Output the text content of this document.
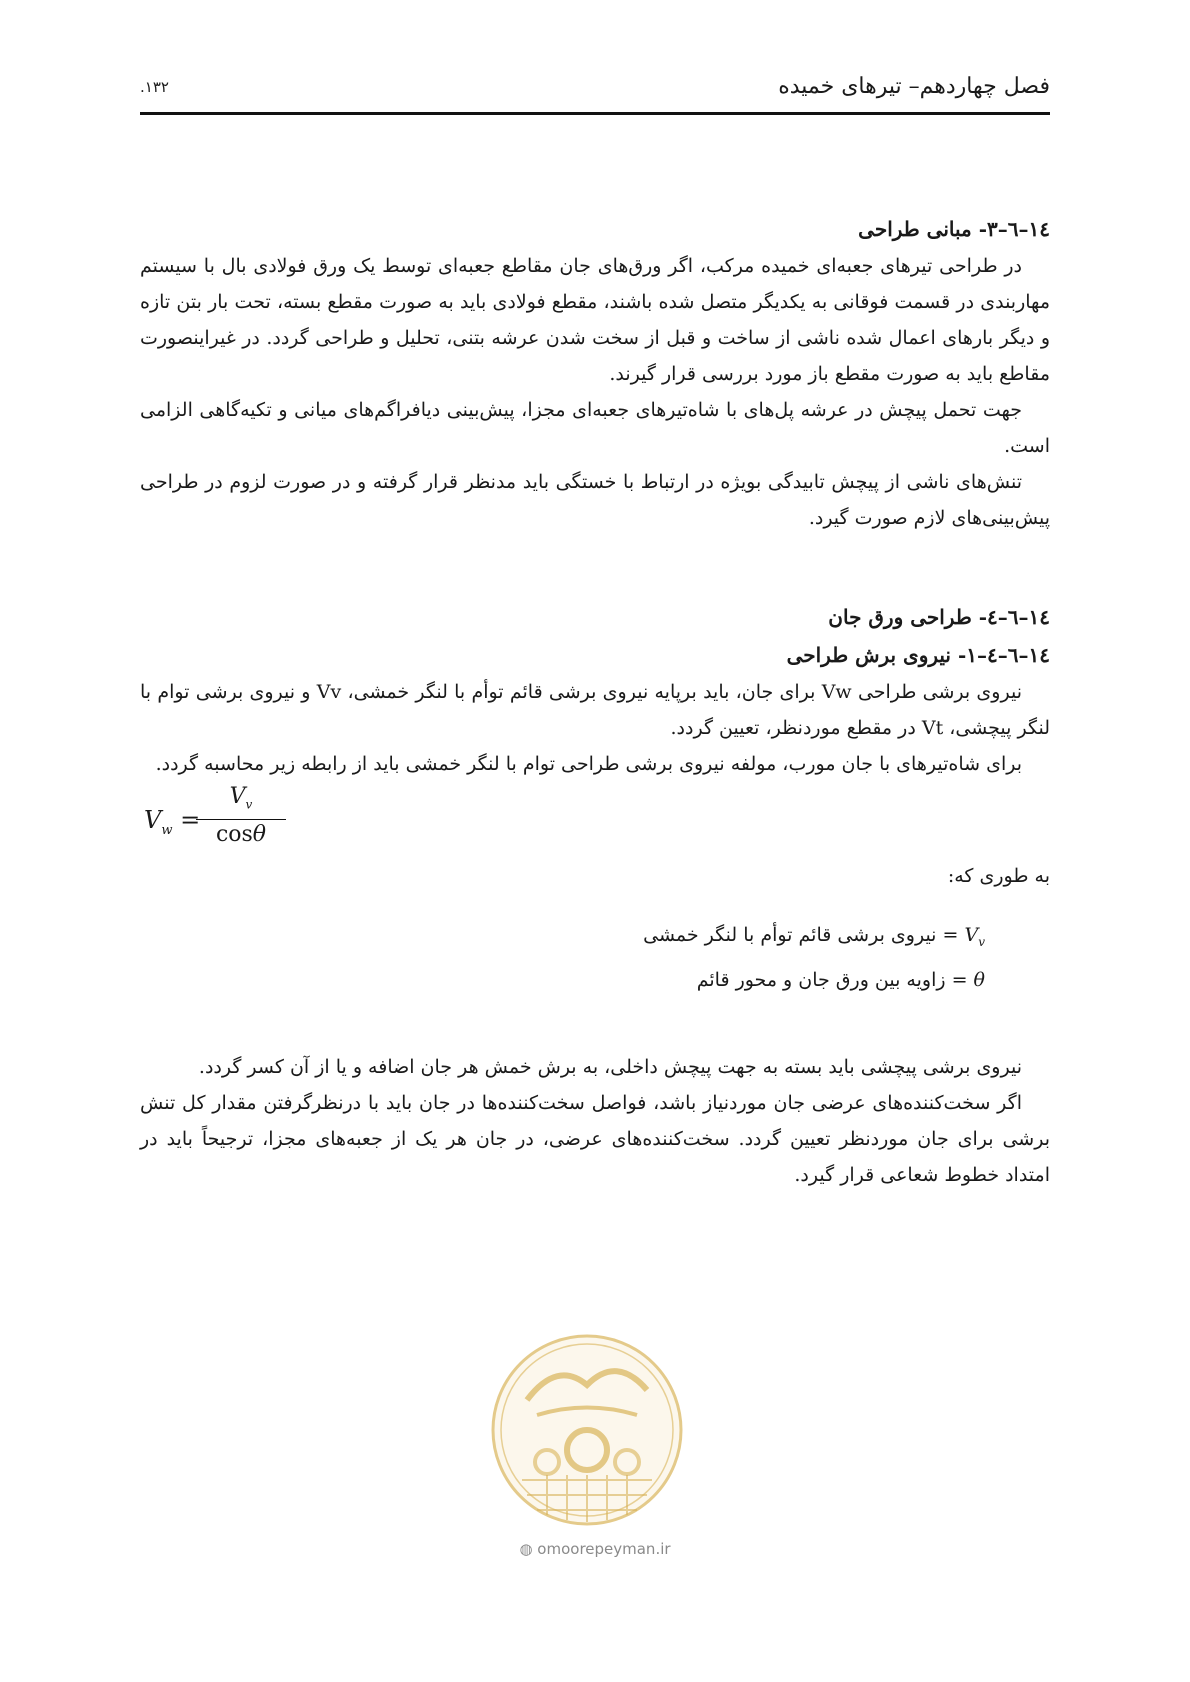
فصل چهاردهم– تیرهای خمیده
۱۳۲.

١٤–٦–٣- مبانی طراحی

در طراحی تیرهای جعبه‌ای خمیده مرکب، اگر ورق‌های جان مقاطع جعبه‌ای توسط یک ورق فولادی بال با سیستم مهاربندی در قسمت فوقانی به یکدیگر متصل شده باشند، مقطع فولادی باید به صورت مقطع بسته، تحت بار بتن تازه و دیگر بارهای اعمال شده ناشی از ساخت و قبل از سخت شدن عرشه بتنی، تحلیل و طراحی گردد. در غیراینصورت مقاطع باید به صورت مقطع باز مورد بررسی قرار گیرند.

جهت تحمل پیچش در عرشه پل‌های با شاه‌تیرهای جعبه‌ای مجزا، پیش‌بینی دیافراگم‌های میانی و تکیه‌گاهی الزامی است.

تنش‌های ناشی از پیچش تابیدگی بویژه در ارتباط با خستگی باید مدنظر قرار گرفته و در صورت لزوم در طراحی پیش‌بینی‌های لازم صورت گیرد.

١٤–٦–٤- طراحی ورق جان

١٤–٦–٤–١- نیروی برش طراحی

نیروی برشی طراحی Vw برای جان، باید برپایه نیروی برشی قائم توأم با لنگر خمشی، Vv و نیروی برشی توام با لنگر پیچشی، Vt در مقطع موردنظر، تعیین گردد.

برای شاه‌تیرهای با جان مورب، مولفه نیروی برشی طراحی توام با لنگر خمشی باید از رابطه زیر محاسبه گردد.

$V_w$ =
$\frac{V_v}{\cos\theta}$

به طوری که:

$V_v$ = نیروی برشی قائم توأم با لنگر خمشی

θ = زاویه بین ورق جان و محور قائم

نیروی برشی پیچشی باید بسته به جهت پیچش داخلی، به برش خمش هر جان اضافه و یا از آن کسر گردد.

اگر سخت‌کننده‌های عرضی جان موردنیاز باشد، فواصل سخت‌کننده‌ها در جان باید با درنظرگرفتن مقدار کل تنش برشی برای جان موردنظر تعیین گردد. سخت‌کننده‌های عرضی، در جان هر یک از جعبه‌های مجزا، ترجیحاً باید در امتداد خطوط شعاعی قرار گیرد.

◍ omoorepeyman.ir
